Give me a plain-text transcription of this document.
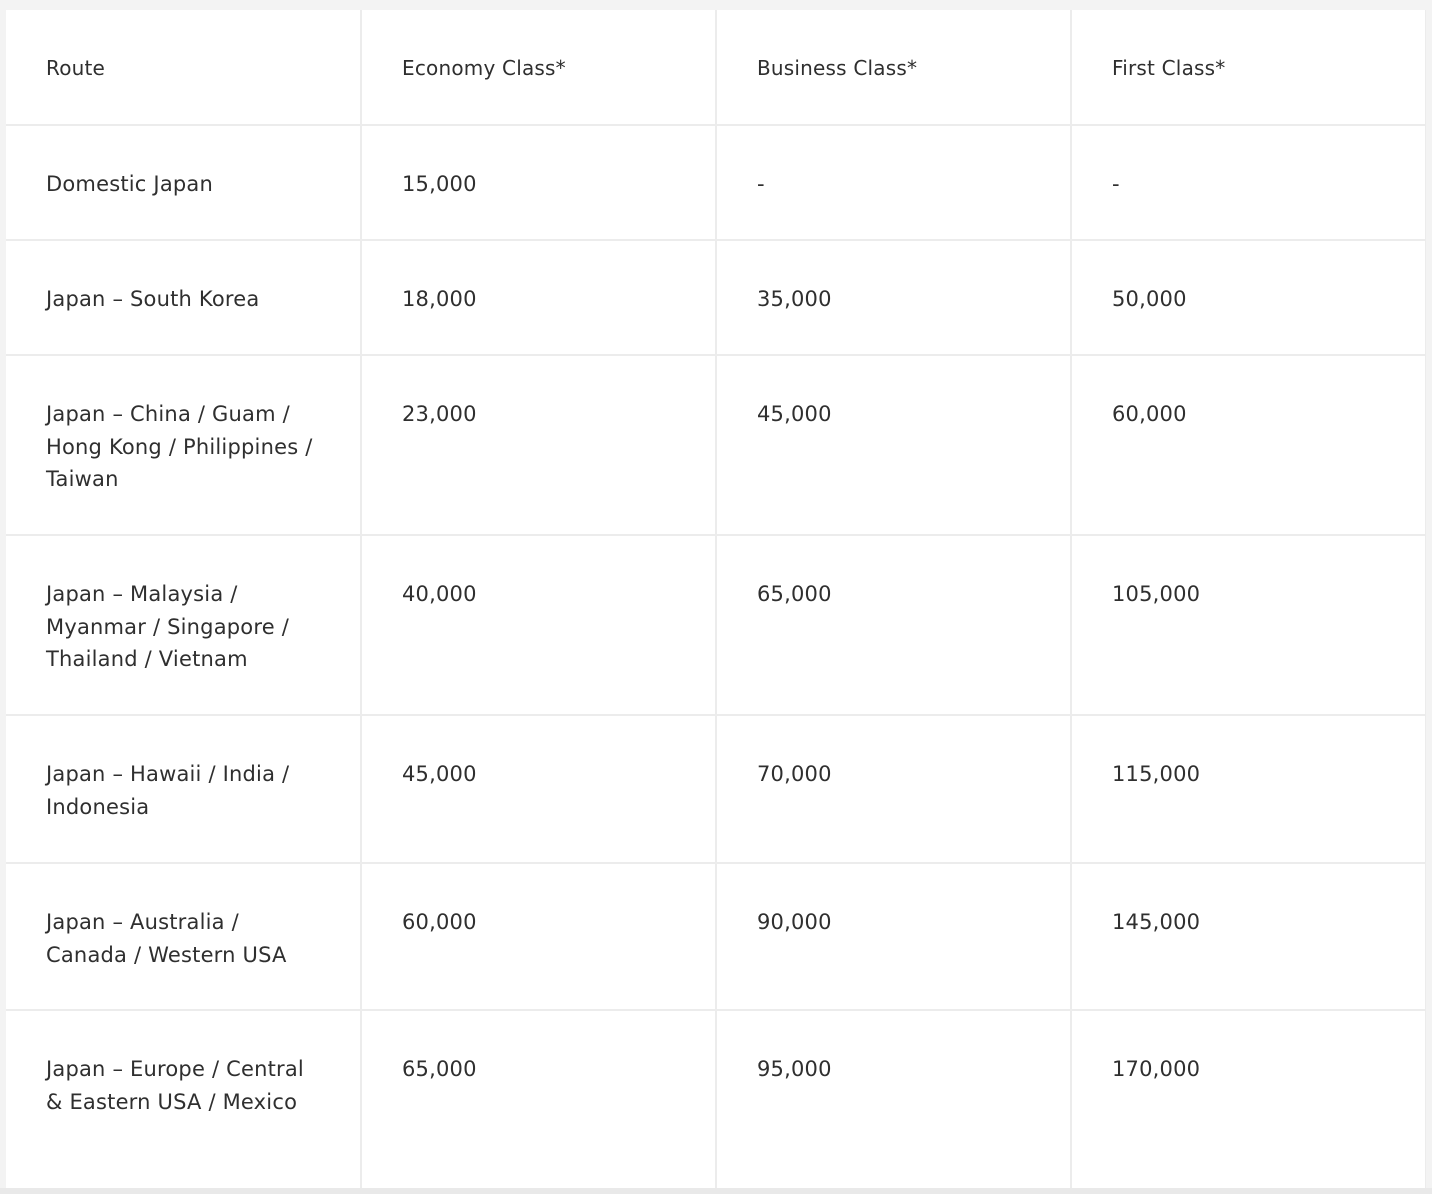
Route	Economy Class*	Business Class*	First Class*
Domestic Japan	15,000	-	-
Japan – South Korea	18,000	35,000	50,000
Japan – China / Guam / Hong Kong / Philippines / Taiwan	23,000	45,000	60,000
Japan – Malaysia / Myanmar / Singapore / Thailand / Vietnam	40,000	65,000	105,000
Japan – Hawaii / India / Indonesia	45,000	70,000	115,000
Japan – Australia / Canada / Western USA	60,000	90,000	145,000
Japan – Europe / Central & Eastern USA / Mexico	65,000	95,000	170,000
